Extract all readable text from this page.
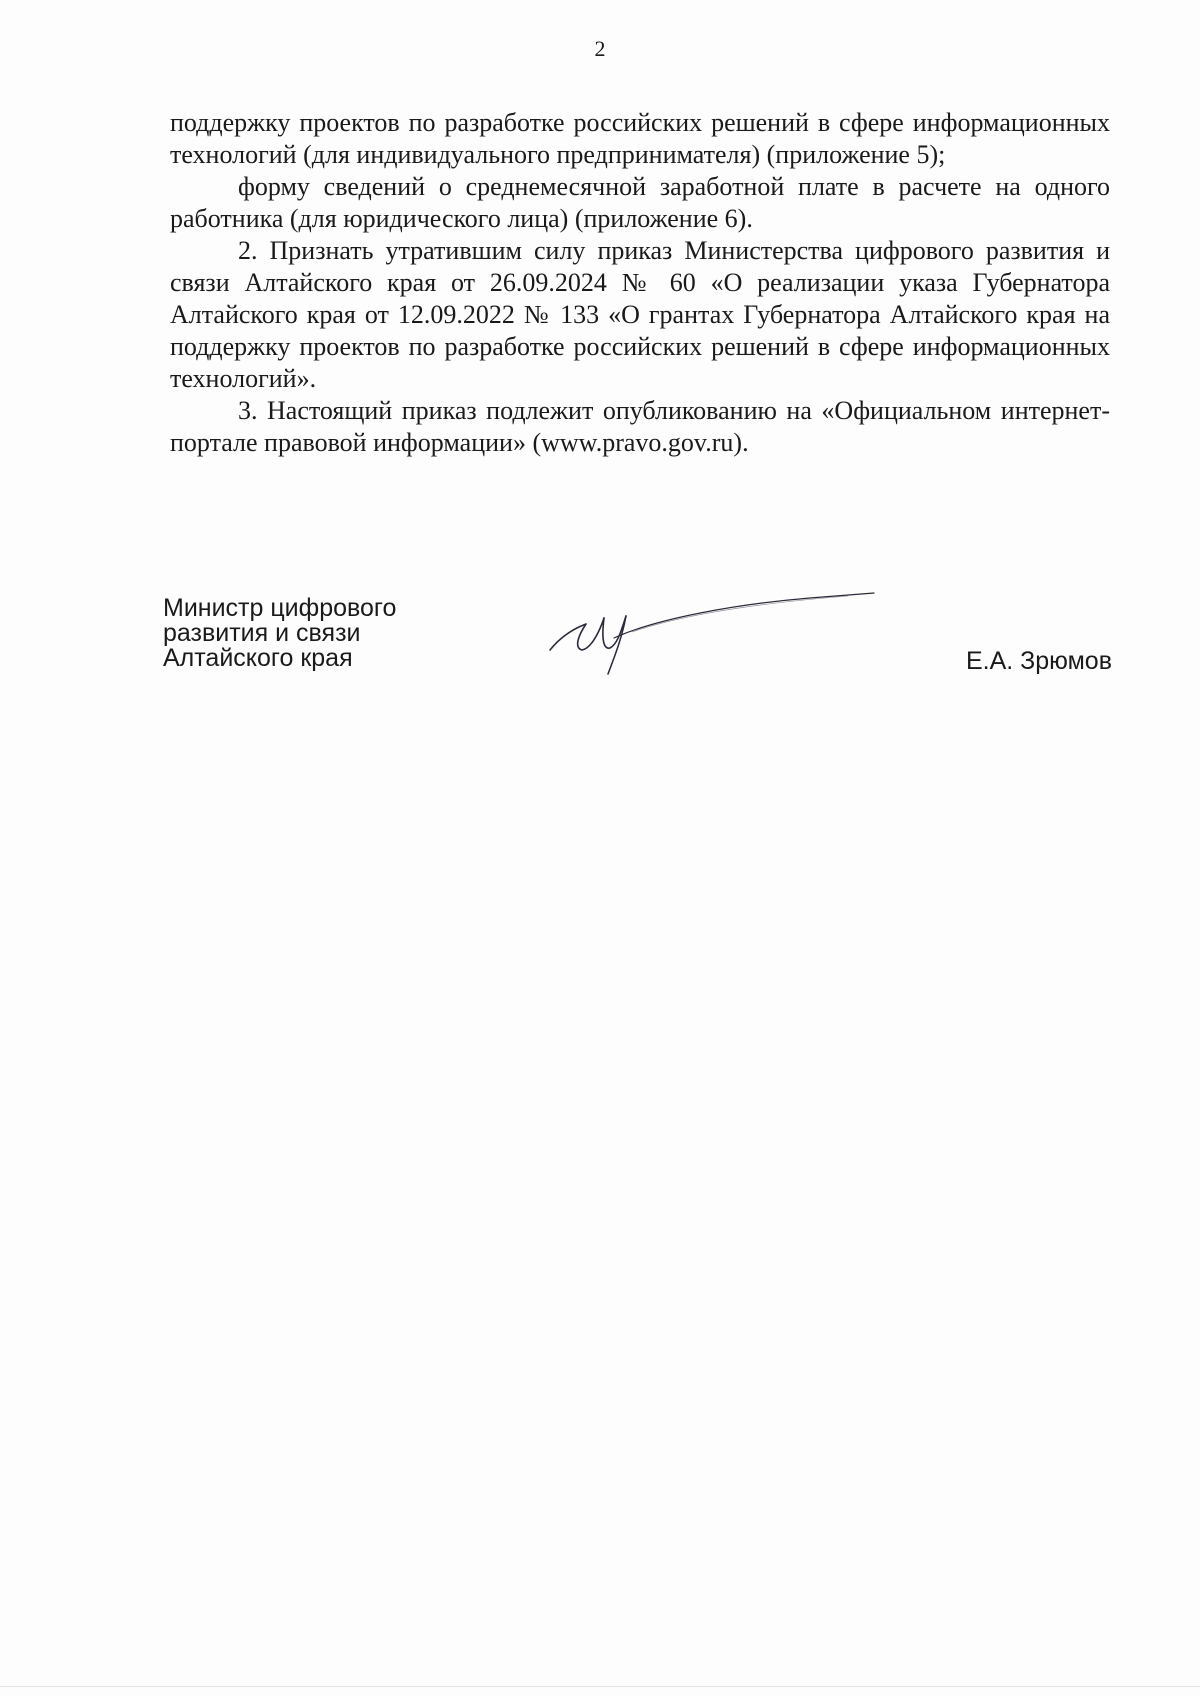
2

поддержку проектов по разработке российских решений в сфере информационных технологий (для индивидуального предпринимателя) (приложение 5);

форму сведений о среднемесячной заработной плате в расчете на одного работника (для юридического лица) (приложение 6).

2. Признать утратившим силу приказ Министерства цифрового развития и связи Алтайского края от 26.09.2024 № 60 «О реализации указа Губернатора Алтайского края от 12.09.2022 № 133 «О грантах Губернатора Алтайского края на поддержку проектов по разработке российских решений в сфере информационных технологий».

3. Настоящий приказ подлежит опубликованию на «Официальном интернет-портале правовой информации» (www.pravo.gov.ru).

Министр цифрового
развития и связи
Алтайского края	Е.А. Зрюмов
